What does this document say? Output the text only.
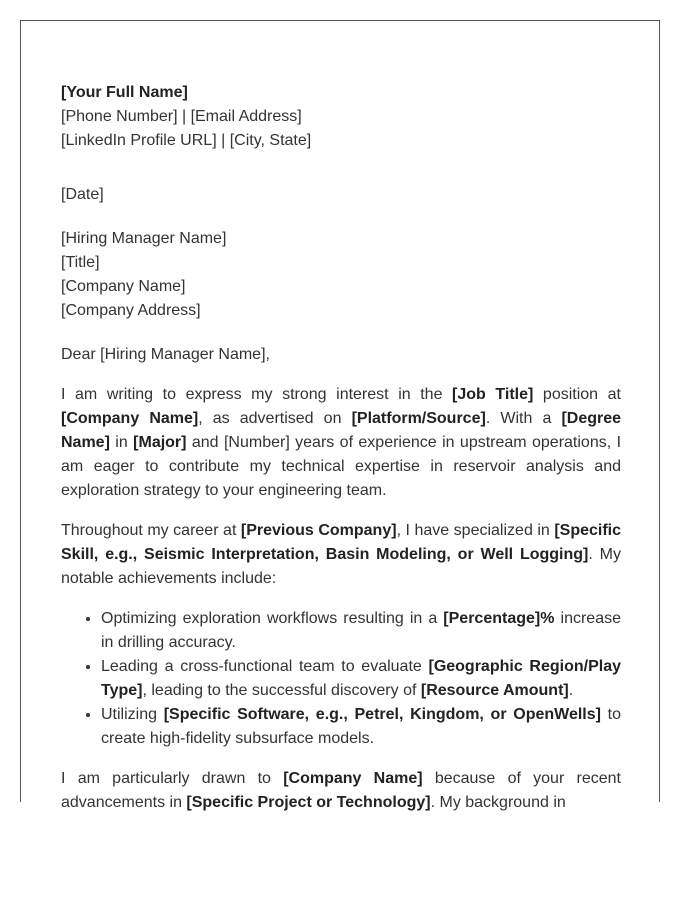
[Your Full Name]
[Phone Number] | [Email Address]
[LinkedIn Profile URL] | [City, State]
[Date]
[Hiring Manager Name]
[Title]
[Company Name]
[Company Address]

Dear [Hiring Manager Name],

I am writing to express my strong interest in the [Job Title] position at [Company Name], as advertised on [Platform/Source]. With a [Degree Name] in [Major] and [Number] years of experience in upstream operations, I am eager to contribute my technical expertise in reservoir analysis and exploration strategy to your engineering team.

Throughout my career at [Previous Company], I have specialized in [Specific Skill, e.g., Seismic Interpretation, Basin Modeling, or Well Logging]. My notable achievements include:

• Optimizing exploration workflows resulting in a [Percentage]% increase in drilling accuracy.
• Leading a cross-functional team to evaluate [Geographic Region/Play Type], leading to the successful discovery of [Resource Amount].
• Utilizing [Specific Software, e.g., Petrel, Kingdom, or OpenWells] to create high-fidelity subsurface models.

I am particularly drawn to [Company Name] because of your recent advancements in [Specific Project or Technology]. My background in
